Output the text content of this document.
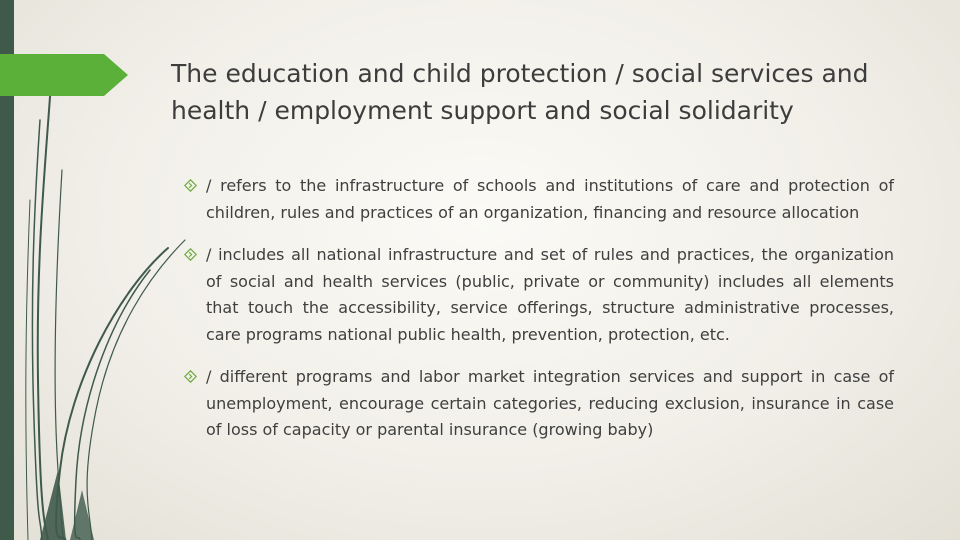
The education and child protection / social services and health / employment support and social solidarity
/ refers to the infrastructure of schools and institutions of care and protection of children, rules and practices of an organization, financing and resource allocation
/ includes all national infrastructure and set of rules and practices, the organization of social and health services (public, private or community) includes all elements that touch the accessibility, service offerings, structure administrative processes, care programs national public health, prevention, protection, etc.
/ different programs and labor market integration services and support in case of unemployment, encourage certain categories, reducing exclusion, insurance in case of loss of capacity or parental insurance (growing baby)
